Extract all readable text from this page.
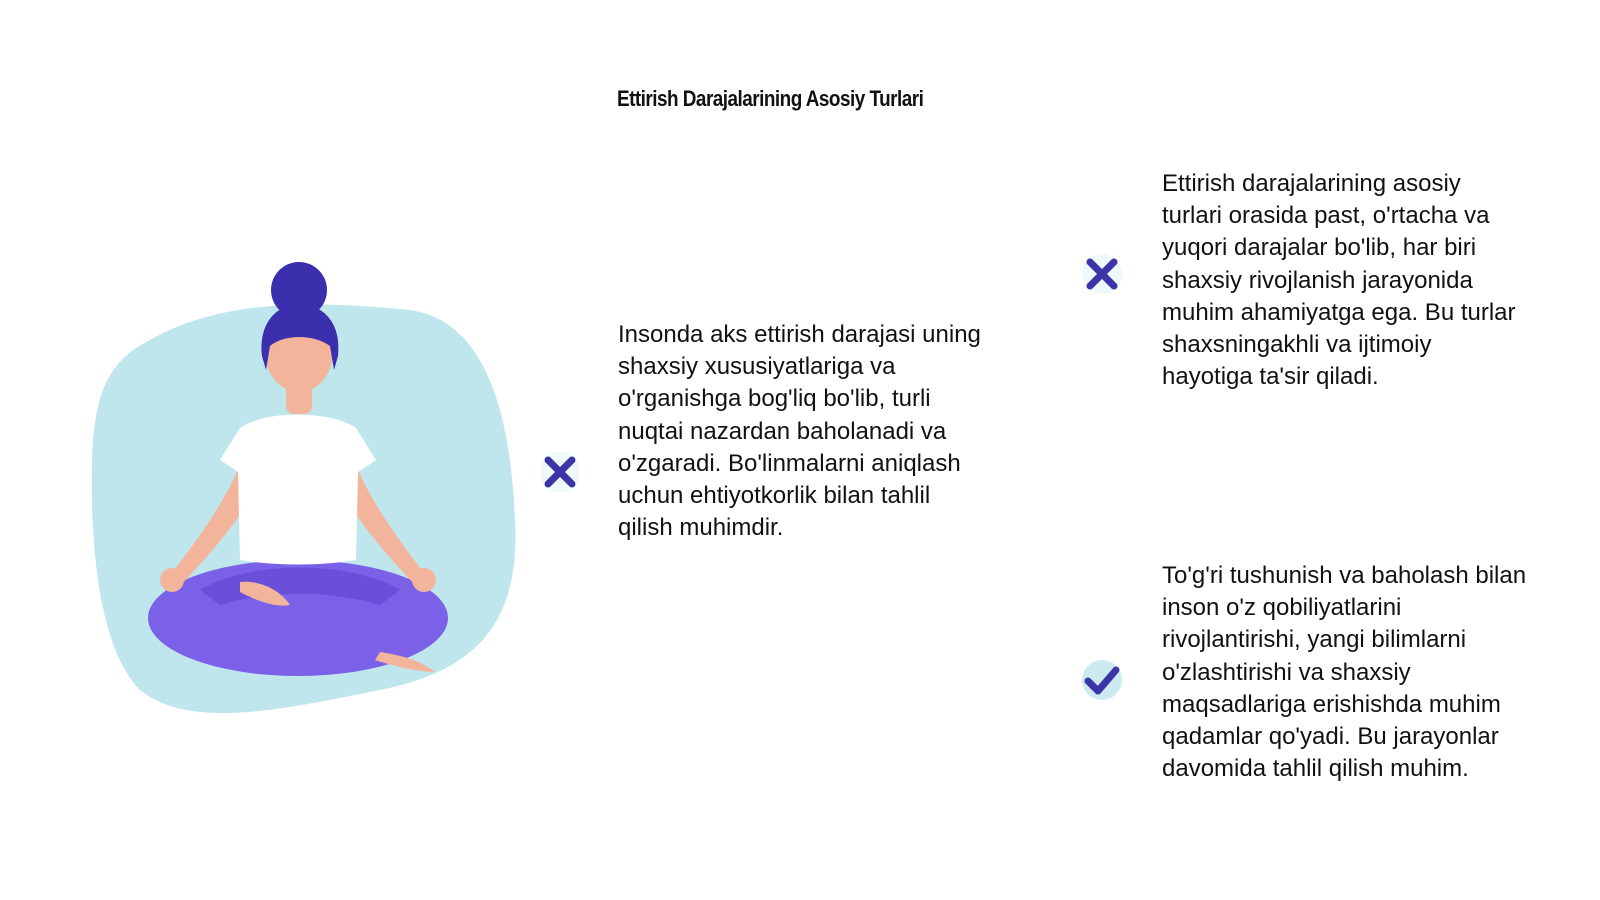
Ettirish Darajalarining Asosiy Turlari
Insonda aks ettirish darajasi uning
shaxsiy xususiyatlariga va
o'rganishga bog'liq bo'lib, turli
nuqtai nazardan baholanadi va
o'zgaradi. Bo'linmalarni aniqlash
uchun ehtiyotkorlik bilan tahlil
qilish muhimdir.
Ettirish darajalarining asosiy
turlari orasida past, o'rtacha va
yuqori darajalar bo'lib, har biri
shaxsiy rivojlanish jarayonida
muhim ahamiyatga ega. Bu turlar
shaxsningakhli va ijtimoiy
hayotiga ta'sir qiladi.
To'g'ri tushunish va baholash bilan
inson o'z qobiliyatlarini
rivojlantirishi, yangi bilimlarni
o'zlashtirishi va shaxsiy
maqsadlariga erishishda muhim
qadamlar qo'yadi. Bu jarayonlar
davomida tahlil qilish muhim.
